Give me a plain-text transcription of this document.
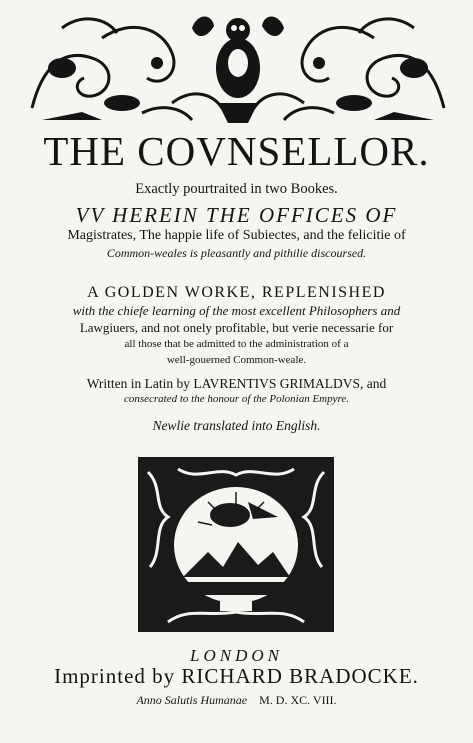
THE COVNSELLOR.
Exactly pourtraited in two Bookes.
VV HEREIN THE OFFICES OF
Magistrates, The happie life of Subiectes, and the felicitie of
Common-weales is pleasantly and pithilie discoursed.
A GOLDEN WORKE, REPLENISHED
with the chiefe learning of the most excellent Philosophers and
Lawgiuers, and not onely profitable, but verie necessarie for
all those that be admitted to the administration of a
well-gouerned Common-weale.
Written in Latin by LAVRENTIVS GRIMALDVS, and
consecrated to the honour of the Polonian Empyre.
Newlie translated into English.
LONDON
Imprinted by RICHARD BRADOCKE.
Anno Salutis Humanae M. D. XC. VIII.
